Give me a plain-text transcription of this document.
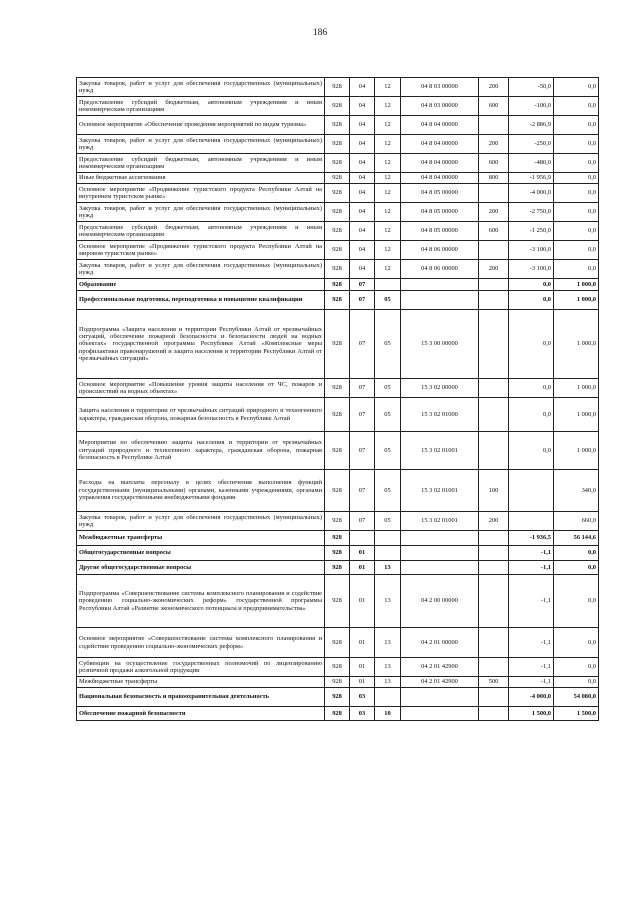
186
Закупка товаров, работ и услуг для обеспечения государственных (муниципальных) нужд	928	04	12	04 8 03 00000	200	-50,0	0,0
Предоставление субсидий бюджетным, автономным учреждениям и иным некоммерческим организациям	928	04	12	04 8 03 00000	600	-100,0	0,0
Основное мероприятие «Обеспечение проведения мероприятий по видам туризма»	928	04	12	04 8 04 00000		-2 886,9	0,0
Закупка товаров, работ и услуг для обеспечения государственных (муниципальных) нужд	928	04	12	04 8 04 00000	200	-250,0	0,0
Предоставление субсидий бюджетным, автономным учреждениям и иным некоммерческим организациям	928	04	12	04 8 04 00000	600	-480,0	0,0
Иные бюджетные ассигнования	928	04	12	04 8 04 00000	800	-1 956,9	0,0
Основное мероприятие «Продвижение туристского продукта Республики Алтай на внутреннем туристском рынке»	928	04	12	04 8 05 00000		-4 000,0	0,0
Закупка товаров, работ и услуг для обеспечения государственных (муниципальных) нужд	928	04	12	04 8 05 00000	200	-2 750,0	0,0
Предоставление субсидий бюджетным, автономным учреждениям и иным некоммерческим организациям	928	04	12	04 8 05 00000	600	-1 250,0	0,0
Основное мероприятие «Продвижение туристского продукта Республики Алтай на мировом туристском рынке»	928	04	12	04 8 06 00000		-3 100,0	0,0
Закупка товаров, работ и услуг для обеспечения государственных (муниципальных) нужд	928	04	12	04 8 06 00000	200	-3 100,0	0,0
Образование	928	07				0,0	1 000,0
Профессиональная подготовка, переподготовка и повышение квалификации	928	07	05			0,0	1 000,0
Подпрограмма «Защита населения и территории Республики Алтай от чрезвычайных ситуаций, обеспечение пожарной безопасности и безопасности людей на водных объектах» государственной программы Республики Алтай «Комплексные меры профилактики правонарушений и защита населения и территории Республики Алтай от чрезвычайных ситуаций»	928	07	05	15 3 00 00000		0,0	1 000,0
Основное мероприятие «Повышение уровня защиты населения от ЧС, пожаров и происшествий на водных объектах»	928	07	05	15 3 02 00000		0,0	1 000,0
Защита населения и территории от чрезвычайных ситуаций природного и техногенного характера, гражданская оборона, пожарная безопасность в Республике Алтай	928	07	05	15 3 02 01000		0,0	1 000,0
Мероприятия по обеспечению защиты населения и территории от чрезвычайных ситуаций природного и техногенного характера, гражданская оборона, пожарная безопасность в Республике Алтай	928	07	05	15 3 02 01001		0,0	1 000,0
Расходы на выплаты персоналу в целях обеспечения выполнения функций государственными (муниципальными) органами, казенными учреждениями, органами управления государственными внебюджетными фондами	928	07	05	15 3 02 01001	100		340,0
Закупка товаров, работ и услуг для обеспечения государственных (муниципальных) нужд	928	07	05	15 3 02 01001	200		660,0
Межбюджетные трансферты	928					-1 936,5	56 144,6
Общегосударственные вопросы	928	01				-1,1	0,0
Другие общегосударственные вопросы	928	01	13			-1,1	0,0
Подпрограмма «Совершенствование системы комплексного планирования и содействие проведению социально-экономических реформ» государственной программы Республики Алтай «Развитие экономического потенциала и предпринимательства»	928	01	13	04 2 00 00000		-1,1	0,0
Основное мероприятие «Совершенствование системы комплексного планирования и содействие проведению социально-экономических реформ»	928	01	13	04 2 01 00000		-1,1	0,0
Субвенции на осуществление государственных полномочий по лицензированию розничной продажи алкогольной продукции	928	01	13	04 2 01 42900		-1,1	0,0
Межбюджетные трансферты	928	01	13	04 2 01 42900	500	-1,1	0,0
Национальная безопасность и правоохранительная деятельность	928	03				-4 000,0	54 080,0
Обеспечение пожарной безопасности	928	03	10			1 500,0	1 500,0
